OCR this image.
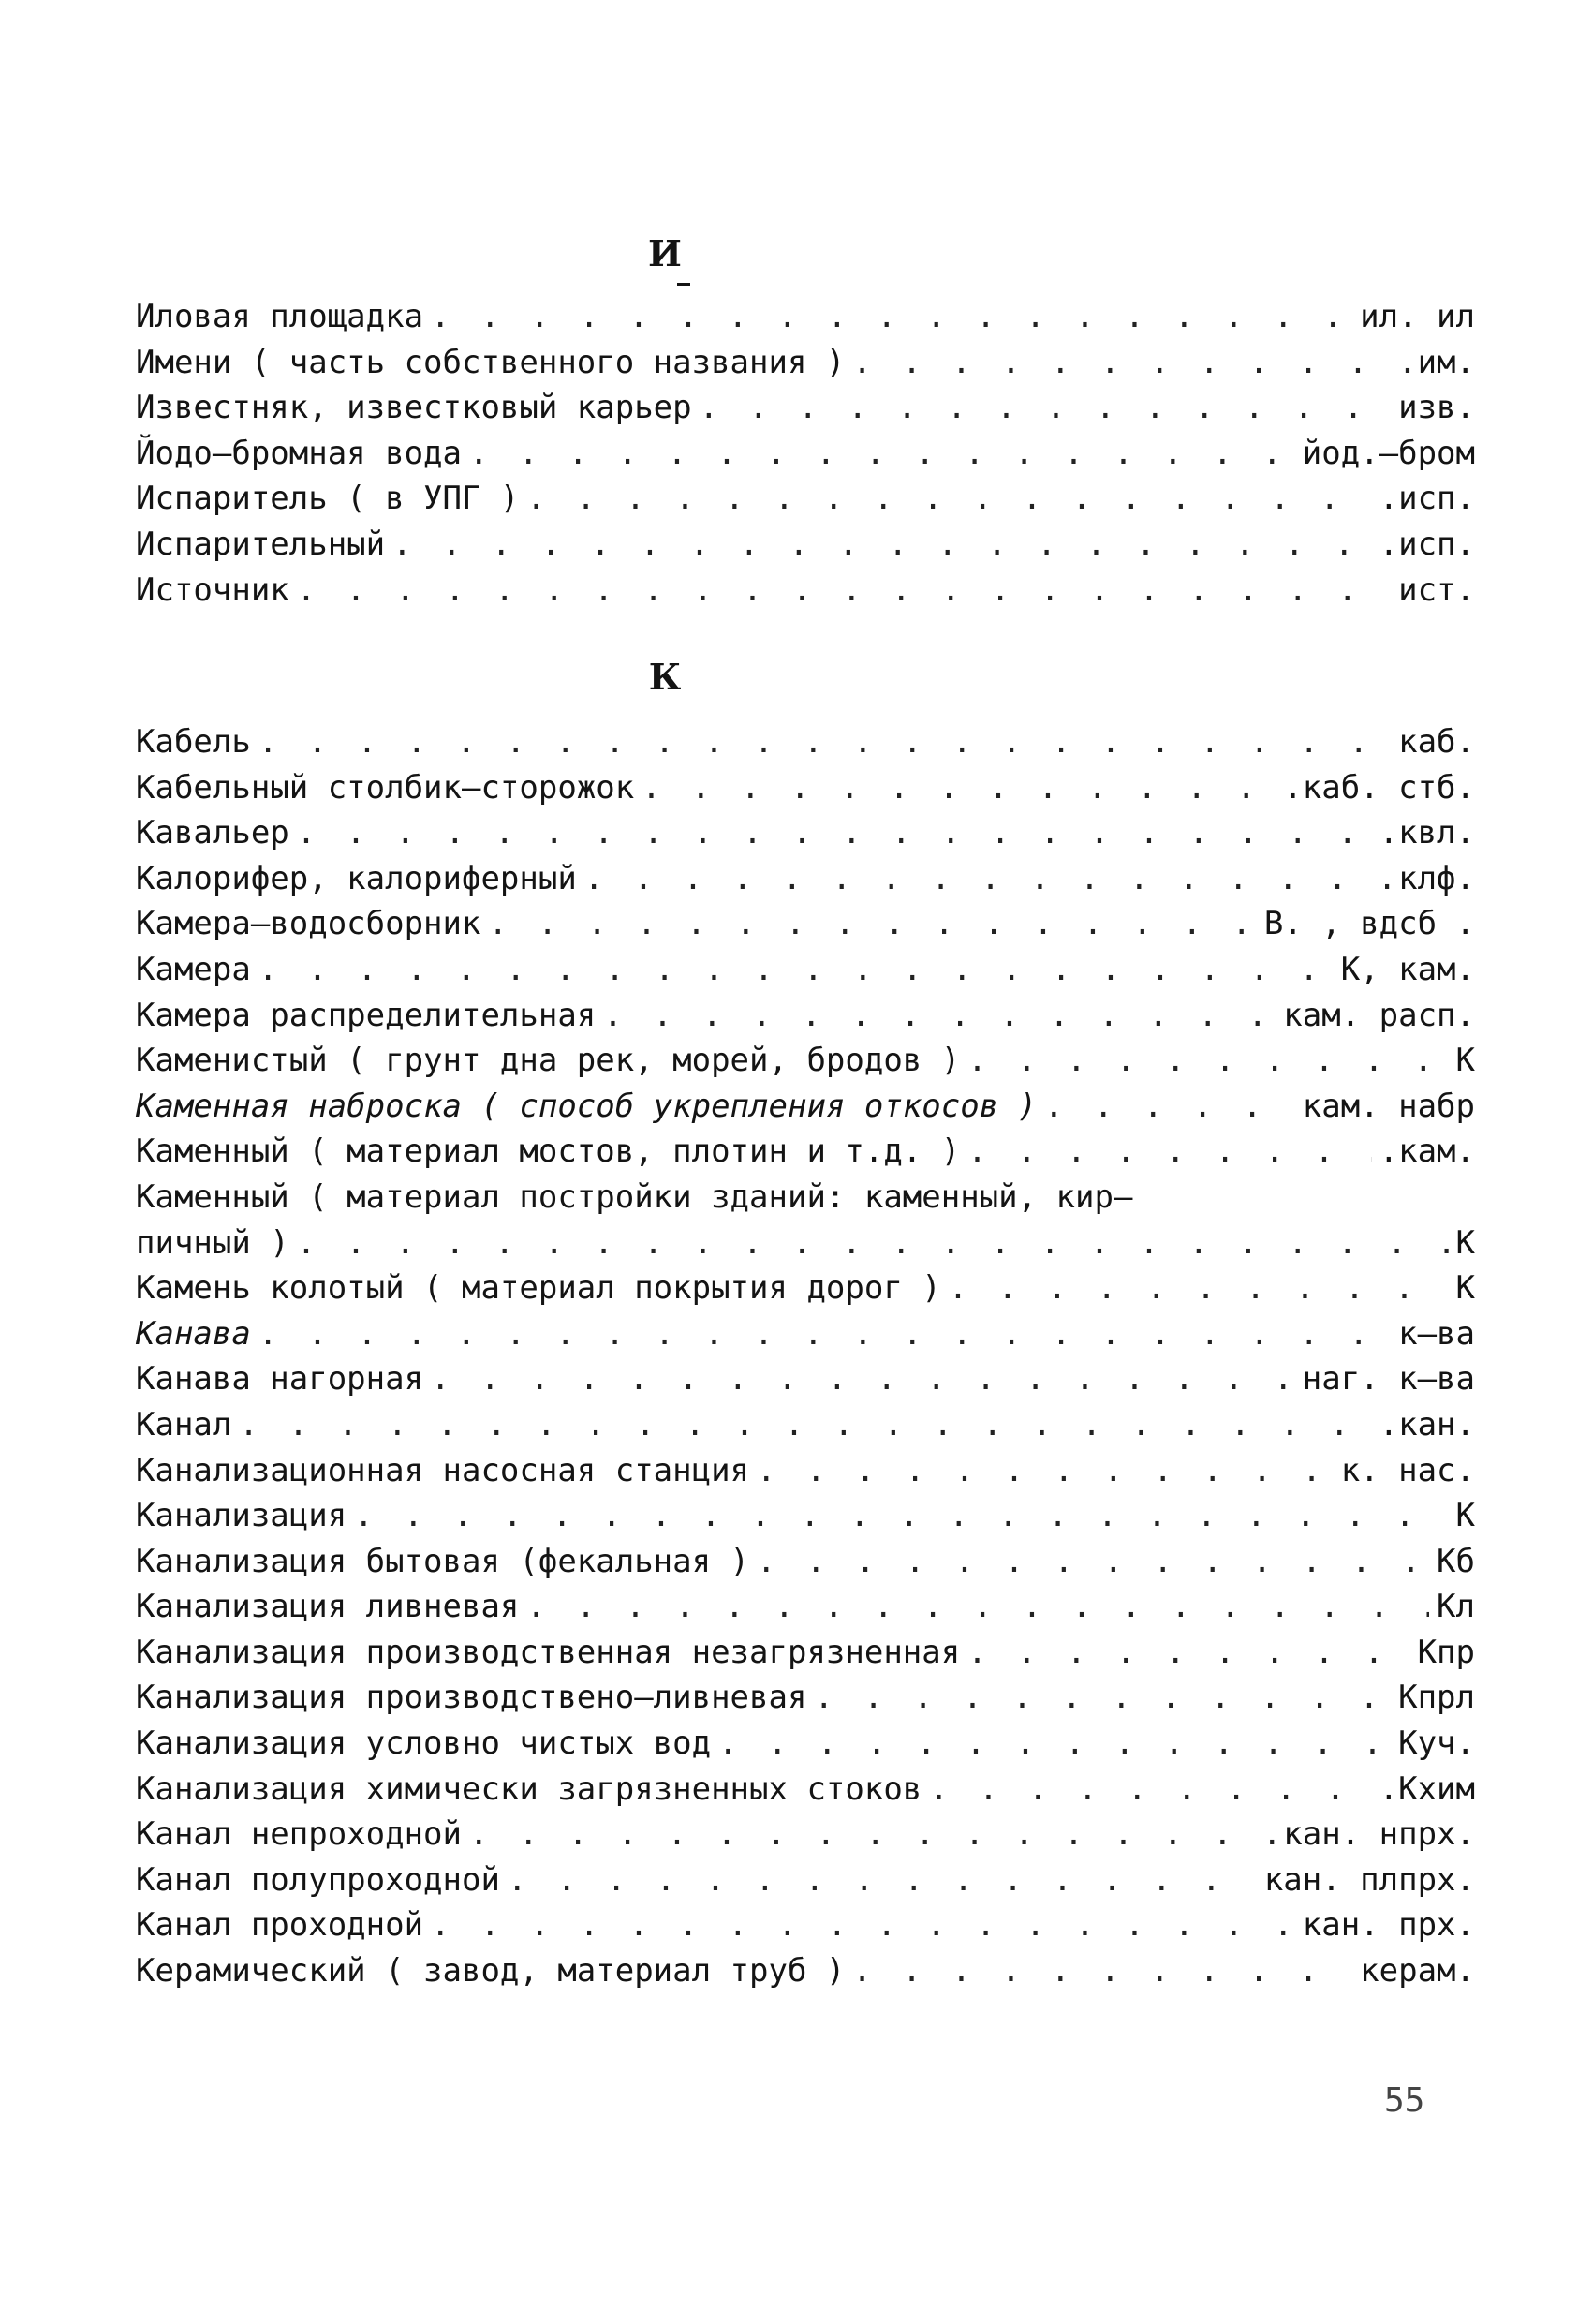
И
Иловая площадка . . .	ил. ил
Имени ( часть собственного названия ) . . .	им.
Известняк, известковый карьер . . .	изв.
Йодо–бромная вода . . .	йод.–бром
Испаритель ( в УПГ ) . . .	.исп.
Испарительный . . .	.исп.
Источник . . .	ист.
К
Кабель . . .	каб.
Кабельный столбик–сторожок . . .	.каб. стб.
Кавальер . . .	.квл.
Калорифер, калориферный . . .	клф.
Камера–водосборник . . .	В. , вдсб .
Камера . . .	К, кам.
Камера распределительная . . .	кам. расп.
Каменистый ( грунт дна рек, морей, бродов ) . . .	К
Каменная наброска ( способ укрепления откосов ) . . .	кам. набр
Каменный ( материал мостов, плотин и т.д. ) . . .	.кам.
Каменный ( материал постройки зданий: каменный, кир–
пичный ) . . .	К
Камень колотый ( материал покрытия дорог ) . . .	К
Канава . . .	к–ва
Канава нагорная . . .	наг. к–ва
Канал . . .	.кан.
Канализационная насосная станция . . .	к. нас.
Канализация . . .	К
Канализация бытовая (фекальная ) . . .	Кб
Канализация ливневая . . .	Кл
Канализация производственная незагрязненная . . .	Кпр
Канализация производствено–ливневая . . .	Кпрл
Канализация условно чистых вод . . .	Куч.
Канализация химически загрязненных стоков . . .	.Кхим
Канал непроходной . . .	кан. нпрх.
Канал полупроходной . . .	кан. плпрх.
Канал проходной . . .	кан. прх.
Керамический ( завод, материал труб ) . . .	керам.
55
